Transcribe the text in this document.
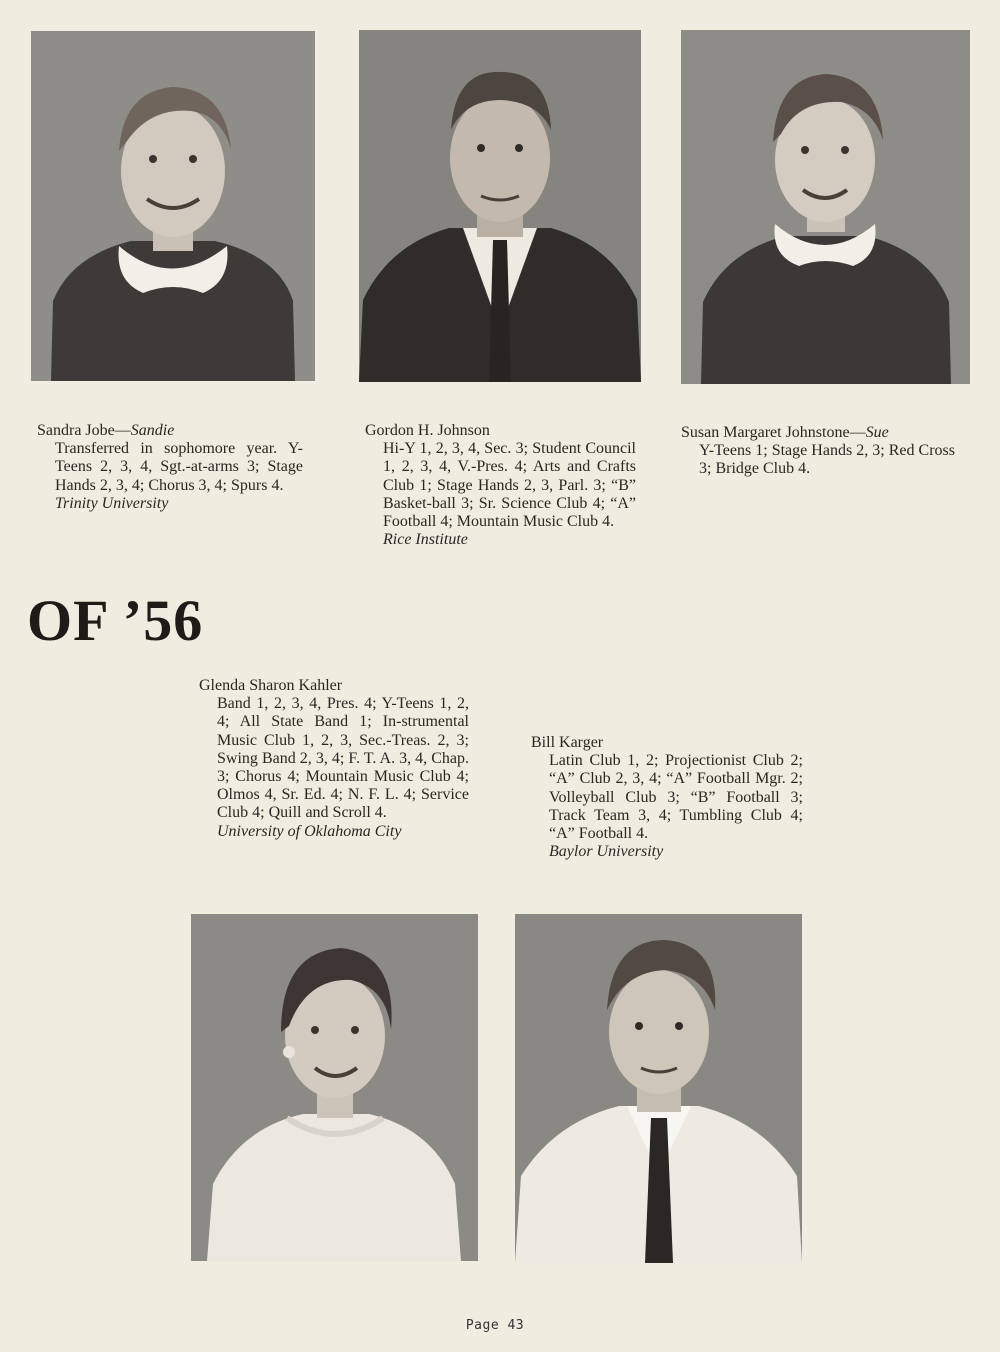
Sandra Jobe—Sandie
Transferred in sophomore year. Y-Teens 2, 3, 4, Sgt.-at-arms 3; Stage Hands 2, 3, 4; Chorus 3, 4; Spurs 4.
Trinity University
Gordon H. Johnson
Hi-Y 1, 2, 3, 4, Sec. 3; Student Council 1, 2, 3, 4, V.-Pres. 4; Arts and Crafts Club 1; Stage Hands 2, 3, Parl. 3; “B” Basket-ball 3; Sr. Science Club 4; “A” Football 4; Mountain Music Club 4.
Rice Institute
Susan Margaret Johnstone—Sue
Y-Teens 1; Stage Hands 2, 3; Red Cross 3; Bridge Club 4.
OF ’56
Glenda Sharon Kahler
Band 1, 2, 3, 4, Pres. 4; Y-Teens 1, 2, 4; All State Band 1; In-strumental Music Club 1, 2, 3, Sec.-Treas. 2, 3; Swing Band 2, 3, 4; F. T. A. 3, 4, Chap. 3; Chorus 4; Mountain Music Club 4; Olmos 4, Sr. Ed. 4; N. F. L. 4; Service Club 4; Quill and Scroll 4.
University of Oklahoma City
Bill Karger
Latin Club 1, 2; Projectionist Club 2; “A” Club 2, 3, 4; “A” Football Mgr. 2; Volleyball Club 3; “B” Football 3; Track Team 3, 4; Tumbling Club 4; “A” Football 4.
Baylor University
Page 43
